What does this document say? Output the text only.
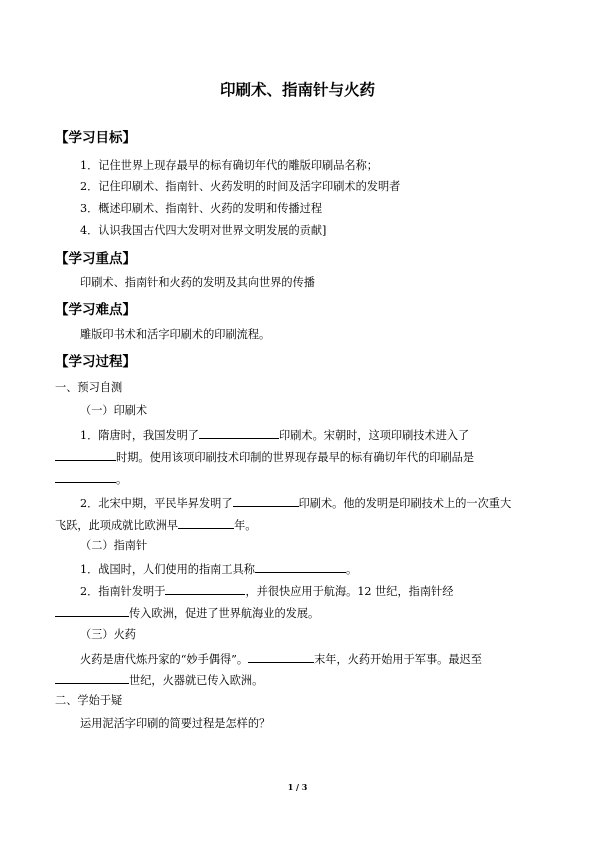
印刷术、指南针与火药
【学习目标】
1．记住世界上现存最早的标有确切年代的雕版印刷品名称；
2．记住印刷术、指南针、火药发明的时间及活字印刷术的发明者
3．概述印刷术、指南针、火药的发明和传播过程
4．认识我国古代四大发明对世界文明发展的贡献]
【学习重点】
印刷术、指南针和火药的发明及其向世界的传播
【学习难点】
雕版印书术和活字印刷术的印刷流程。
【学习过程】
一、预习自测
（一）印刷术
1．隋唐时，我国发明了	印刷术。宋朝时，这项印刷技术进入了
时期。使用该项印刷技术印制的世界现存最早的标有确切年代的印刷品是
。
2．北宋中期，平民毕昇发明了	印刷术。他的发明是印刷技术上的一次重大
飞跃，此项成就比欧洲早	年。
（二）指南针
1．战国时，人们使用的指南工具称	。
2．指南针发明于	，并很快应用于航海。12 世纪，指南针经
传入欧洲，促进了世界航海业的发展。
（三）火药
火药是唐代炼丹家的“妙手偶得”。	末年，火药开始用于军事。最迟至
世纪，火器就已传入欧洲。
二、学始于疑
运用泥活字印刷的简要过程是怎样的？
1 / 3
